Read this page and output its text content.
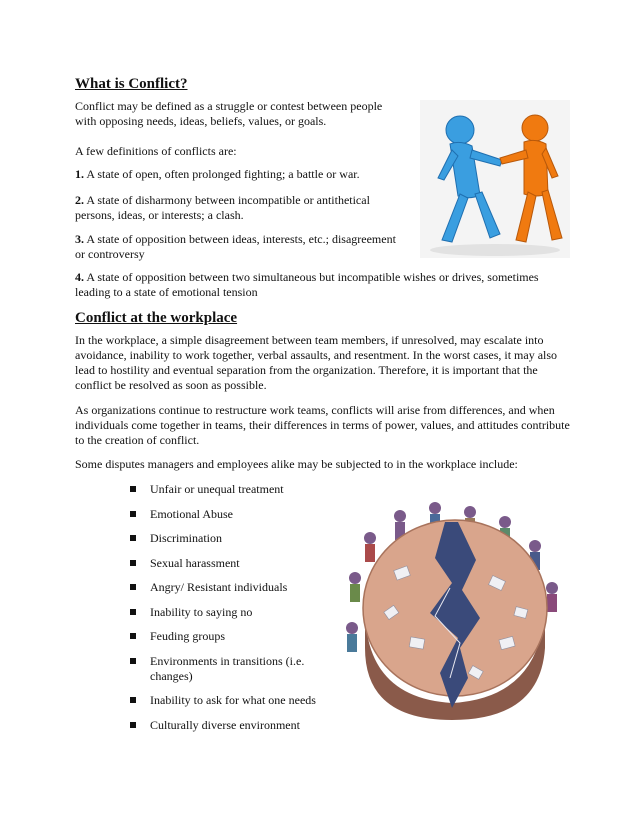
What is Conflict?

Conflict may be defined as a struggle or contest between people with opposing needs, ideas, beliefs, values, or goals.

A few definitions of conflicts are:

1. A state of open, often prolonged fighting; a battle or war.

2. A state of disharmony between incompatible or antithetical persons, ideas, or interests; a clash.

3. A state of opposition between ideas, interests, etc.; disagreement or controversy

4. A state of opposition between two simultaneous but incompatible wishes or drives, sometimes leading to a state of emotional tension

Conflict at the workplace

In the workplace, a simple disagreement between team members, if unresolved, may escalate into avoidance, inability to work together, verbal assaults, and resentment. In the worst cases, it may also lead to hostility and eventual separation from the organization. Therefore, it is important that the conflict be resolved as soon as possible.

As organizations continue to restructure work teams, conflicts will arise from differences, and when individuals come together in teams, their differences in terms of power, values, and attitudes contribute to the creation of conflict.

Some disputes managers and employees alike may be subjected to in the workplace include:

Unfair or unequal treatment
Emotional Abuse
Discrimination
Sexual harassment
Angry/ Resistant individuals
Inability to saying no
Feuding groups
Environments in transitions (i.e. changes)
Inability to ask for what one needs
Culturally diverse environment
